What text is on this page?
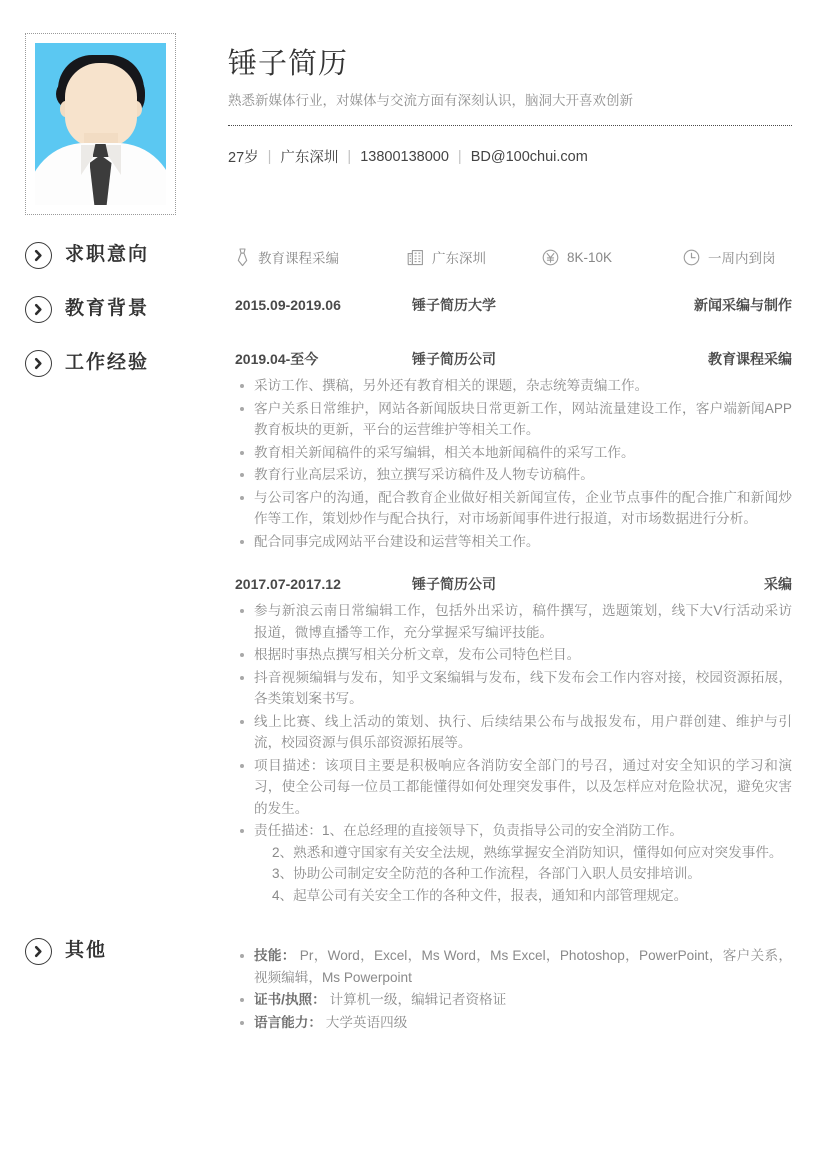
锤子简历
熟悉新媒体行业，对媒体与交流方面有深刻认识，脑洞大开喜欢创新
27岁 | 广东深圳 | 13800138000 | BD@100chui.com
求职意向	教育课程采编	广东深圳	8K-10K	一周内到岗
教育背景	2015.09-2019.06	锤子简历大学	新闻采编与制作
工作经验	2019.04-至今	锤子简历公司	教育课程采编
采访工作、撰稿，另外还有教育相关的课题，杂志统筹责编工作。
客户关系日常维护，网站各新闻版块日常更新工作，网站流量建设工作，客户端新闻APP教育板块的更新，平台的运营维护等相关工作。
教育相关新闻稿件的采写编辑，相关本地新闻稿件的采写工作。
教育行业高层采访，独立撰写采访稿件及人物专访稿件。
与公司客户的沟通，配合教育企业做好相关新闻宣传，企业节点事件的配合推广和新闻炒作等工作，策划炒作与配合执行，对市场新闻事件进行报道，对市场数据进行分析。
配合同事完成网站平台建设和运营等相关工作。
2017.07-2017.12	锤子简历公司	采编
参与新浪云南日常编辑工作，包括外出采访，稿件撰写，选题策划，线下大V行活动采访报道，微博直播等工作，充分掌握采写编评技能。
根据时事热点撰写相关分析文章，发布公司特色栏目。
抖音视频编辑与发布，知乎文案编辑与发布，线下发布会工作内容对接，校园资源拓展，各类策划案书写。
线上比赛、线上活动的策划、执行、后续结果公布与战报发布，用户群创建、维护与引流，校园资源与俱乐部资源拓展等。
项目描述：该项目主要是积极响应各消防安全部门的号召，通过对安全知识的学习和演习，使全公司每一位员工都能懂得如何处理突发事件，以及怎样应对危险状况，避免灾害的发生。
责任描述：1、在总经理的直接领导下，负责指导公司的安全消防工作。
2、熟悉和遵守国家有关安全法规，熟练掌握安全消防知识，懂得如何应对突发事件。
3、协助公司制定安全防范的各种工作流程，各部门入职人员安排培训。
4、起草公司有关安全工作的各种文件，报表，通知和内部管理规定。
其他	技能： Pr，Word，Excel，Ms Word，Ms Excel，Photoshop，PowerPoint，客户关系，视频编辑，Ms Powerpoint
证书/执照： 计算机一级，编辑记者资格证
语言能力： 大学英语四级
